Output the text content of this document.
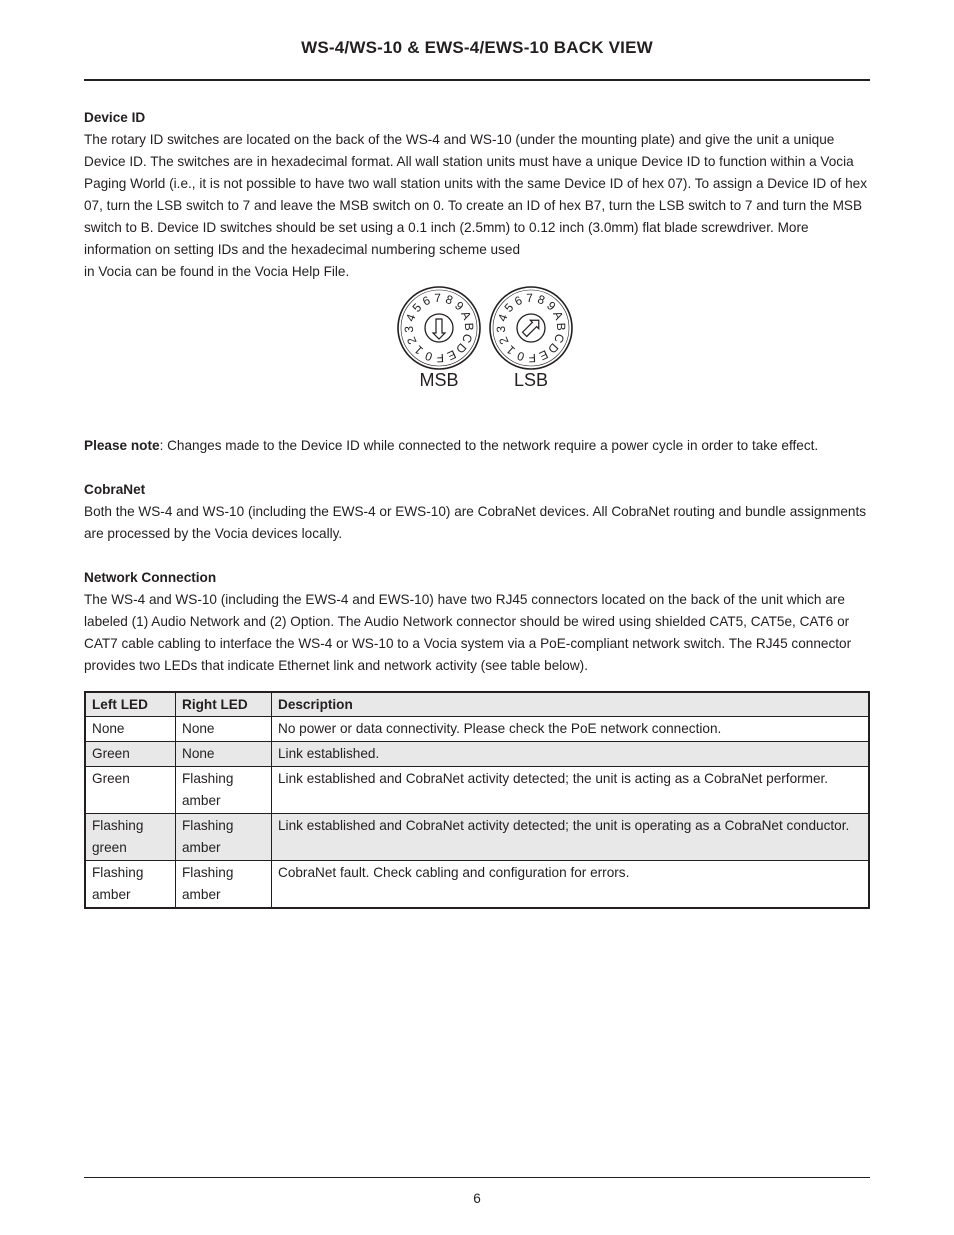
WS-4/WS-10 & EWS-4/EWS-10 BACK VIEW

Device ID

The rotary ID switches are located on the back of the WS-4 and WS-10 (under the mounting plate) and give the unit a unique Device ID. The switches are in hexadecimal format. All wall station units must have a unique Device ID to function within a Vocia Paging World (i.e., it is not possible to have two wall station units with the same Device ID of hex 07). To assign a Device ID of hex 07, turn the LSB switch to 7 and leave the MSB switch on 0. To create an ID of hex B7, turn the LSB switch to 7 and turn the MSB switch to B. Device ID switches should be set using a 0.1 inch (2.5mm) to 0.12 inch (3.0mm) flat blade screwdriver. More information on setting IDs and the hexadecimal numbering scheme used

in Vocia can be found in the Vocia Help File.

0
1
2
3
4
5
6 7 8
9
A
B
C
D
E
F	0
1
2
3
4
5
6 7 8
9
A
B
C
D
E
F
MSB	LSB

Please note: Changes made to the Device ID while connected to the network require a power cycle in order to take effect.

CobraNet

Both the WS-4 and WS-10 (including the EWS-4 or EWS-10) are CobraNet devices. All CobraNet routing and bundle assignments are processed by the Vocia devices locally.

Network Connection

The WS-4 and WS-10 (including the EWS-4 and EWS-10) have two RJ45 connectors located on the back of the unit which are labeled (1) Audio Network and (2) Option. The Audio Network connector should be wired using shielded CAT5, CAT5e, CAT6 or CAT7 cable cabling to interface the WS-4 or WS-10 to a Vocia system via a PoE-compliant network switch. The RJ45 connector provides two LEDs that indicate Ethernet link and network activity (see table below).

Left LED	Right LED	Description
None	None	No power or data connectivity. Please check the PoE network connection.
Green	None	Link established.
Green	Flashing amber	Link established and CobraNet activity detected; the unit is acting as a CobraNet performer.
Flashing green	Flashing amber	Link established and CobraNet activity detected; the unit is operating as a CobraNet conductor.
Flashing amber	Flashing amber	CobraNet fault. Check cabling and configuration for errors.
6
